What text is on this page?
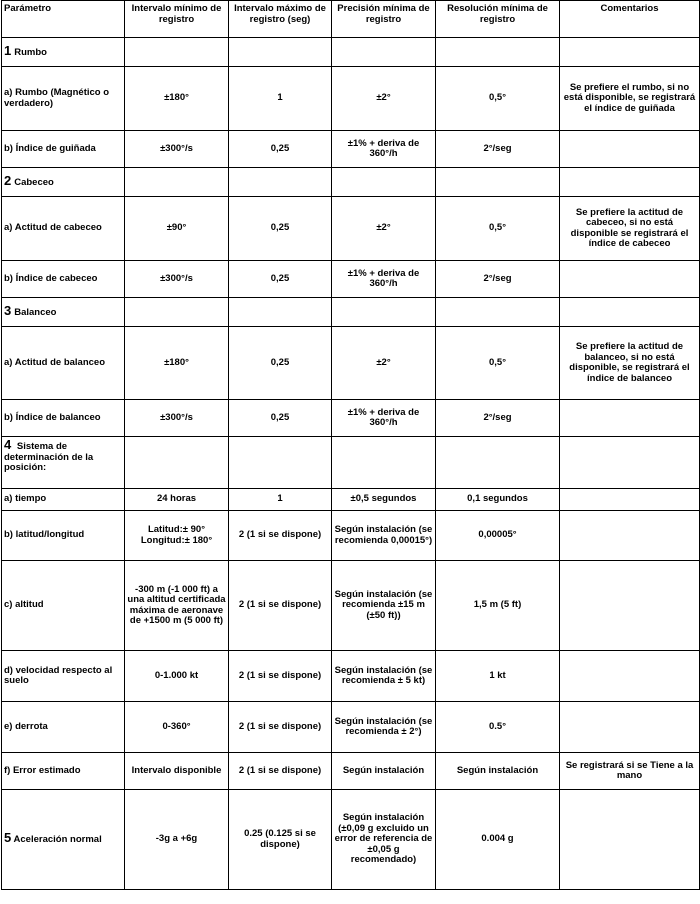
Parámetro	Intervalo mínimo de registro	Intervalo máximo de registro (seg)	Precisión mínima de registro	Resolución mínima de registro	Comentarios
1 Rumbo					
a) Rumbo (Magnético o verdadero)	±180°	1	±2°	0,5°	Se prefiere el rumbo, si no está disponible, se registrará el índice de guiñada
b) Índice de guiñada	±300°/s	0,25	±1% + deriva de 360°/h	2°/seg	
2 Cabeceo					
a) Actitud de cabeceo	±90°	0,25	±2°	0,5°	Se prefiere la actitud de cabeceo, si no está disponible se registrará el índice de cabeceo
b) Índice de cabeceo	±300°/s	0,25	±1% + deriva de 360°/h	2°/seg	
3 Balanceo					
a) Actitud de balanceo	±180°	0,25	±2°	0,5°	Se prefiere la actitud de balanceo, si no está disponible, se registrará el índice de balanceo
b) Índice de balanceo	±300°/s	0,25	±1% + deriva de 360°/h	2°/seg	
4 Sistema de determinación de la posición:					
a) tiempo	24 horas	1	±0,5 segundos	0,1 segundos	
b) latitud/longitud	Latitud:± 90° Longitud:± 180°	2 (1 si se dispone)	Según instalación (se recomienda 0,00015°)	0,00005°	
c) altitud	-300 m (-1 000 ft) a una altitud certificada máxima de aeronave de +1500 m (5 000 ft)	2 (1 si se dispone)	Según instalación (se recomienda ±15 m (±50 ft))	1,5 m (5 ft)	
d) velocidad respecto al suelo	0-1.000 kt	2 (1 si se dispone)	Según instalación (se recomienda ± 5 kt)	1 kt	
e) derrota	0-360°	2 (1 si se dispone)	Según instalación (se recomienda ± 2°)	0.5°	
f) Error estimado	Intervalo disponible	2 (1 si se dispone)	Según instalación	Según instalación	Se registrará si se Tiene a la mano
5 Aceleración normal	-3g a +6g	0.25 (0.125 si se dispone)	Según instalación (±0,09 g excluido un error de referencia de ±0,05 g recomendado)	0.004 g	
